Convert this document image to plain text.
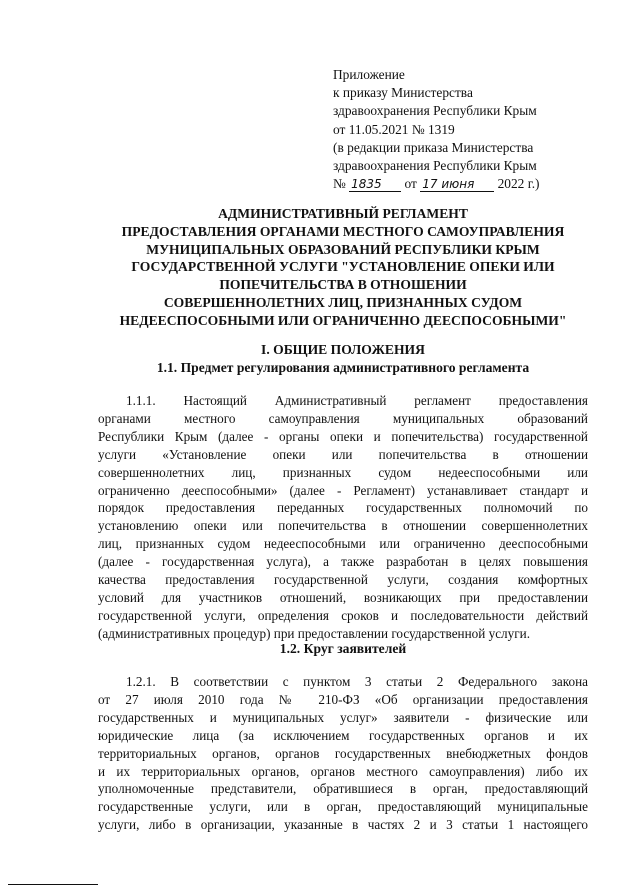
Приложение
к приказу Министерства
здравоохранения Республики Крым
от 11.05.2021 № 1319
(в редакции приказа Министерства
здравоохранения Республики Крым
№ 1835 от 17 июня 2022 г.)
АДМИНИСТРАТИВНЫЙ РЕГЛАМЕНТ
ПРЕДОСТАВЛЕНИЯ ОРГАНАМИ МЕСТНОГО САМОУПРАВЛЕНИЯ
МУНИЦИПАЛЬНЫХ ОБРАЗОВАНИЙ РЕСПУБЛИКИ КРЫМ
ГОСУДАРСТВЕННОЙ УСЛУГИ "УСТАНОВЛЕНИЕ ОПЕКИ ИЛИ
ПОПЕЧИТЕЛЬСТВА В ОТНОШЕНИИ
СОВЕРШЕННОЛЕТНИХ ЛИЦ, ПРИЗНАННЫХ СУДОМ
НЕДЕЕСПОСОБНЫМИ ИЛИ ОГРАНИЧЕННО ДЕЕСПОСОБНЫМИ"
I. ОБЩИЕ ПОЛОЖЕНИЯ
1.1. Предмет регулирования административного регламента
1.1.1. Настоящий Административный регламент предоставления
органами местного самоуправления муниципальных образований
Республики Крым (далее - органы опеки и попечительства) государственной
услуги «Установление опеки или попечительства в отношении
совершеннолетних лиц, признанных судом недееспособными или
ограниченно дееспособными» (далее - Регламент) устанавливает стандарт и
порядок предоставления переданных государственных полномочий по
установлению опеки или попечительства в отношении совершеннолетних
лиц, признанных судом недееспособными или ограниченно дееспособными
(далее - государственная услуга), а также разработан в целях повышения
качества предоставления государственной услуги, создания комфортных
условий для участников отношений, возникающих при предоставлении
государственной услуги, определения сроков и последовательности действий
(административных процедур) при предоставлении государственной услуги.
1.2. Круг заявителей
1.2.1. В соответствии с пунктом 3 статьи 2 Федерального закона
от 27 июля 2010 года № 210-ФЗ «Об организации предоставления
государственных и муниципальных услуг» заявители - физические или
юридические лица (за исключением государственных органов и их
территориальных органов, органов государственных внебюджетных фондов
и их территориальных органов, органов местного самоуправления) либо их
уполномоченные представители, обратившиеся в орган, предоставляющий
государственные услуги, или в орган, предоставляющий муниципальные
услуги, либо в организации, указанные в частях 2 и 3 статьи 1 настоящего
